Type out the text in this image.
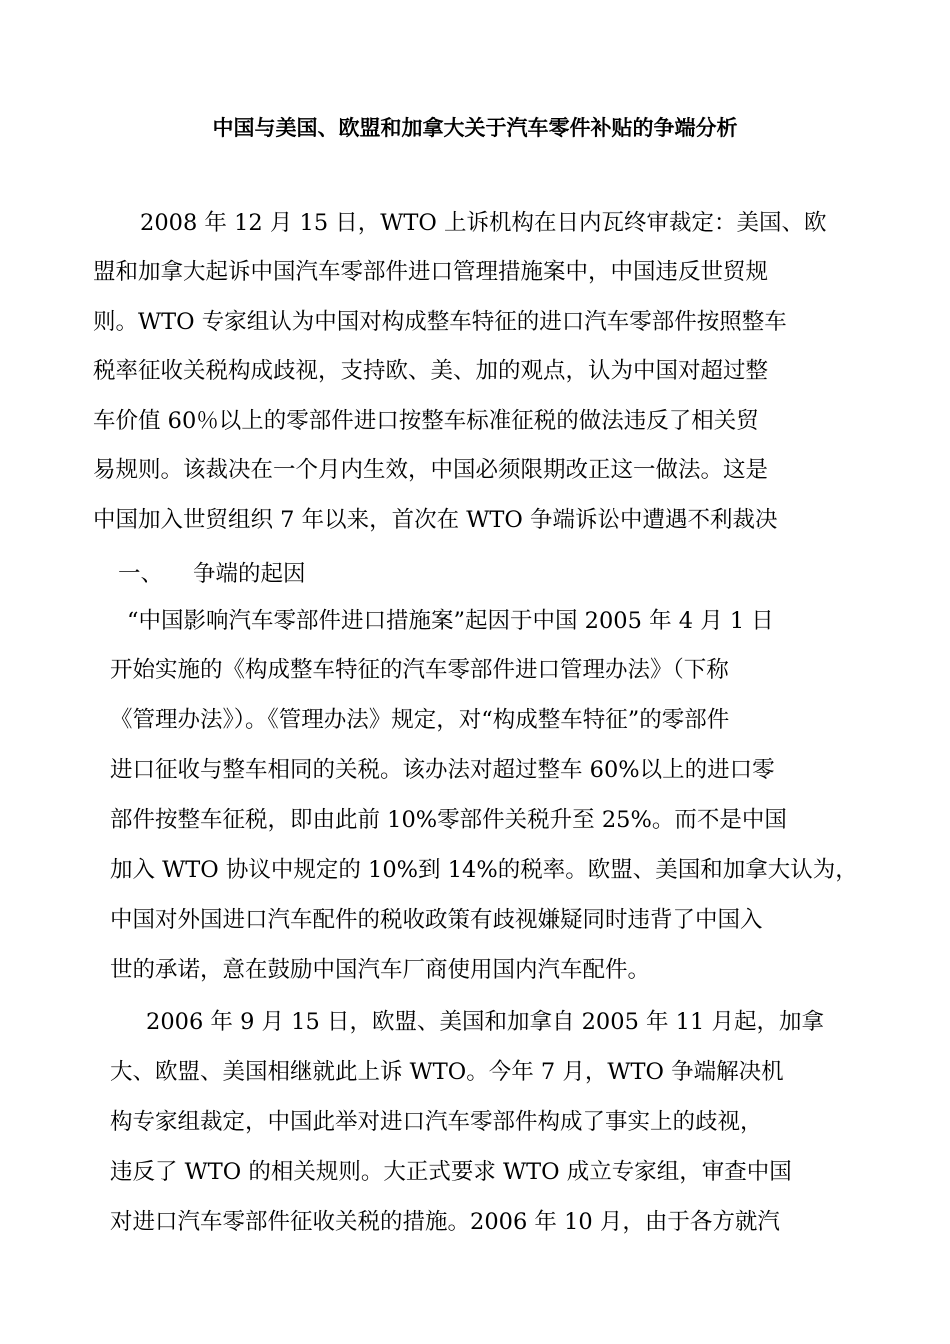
中国与美国、欧盟和加拿大关于汽车零件补贴的争端分析
2008 年 12 月 15 日，WTO 上诉机构在日内瓦终审裁定：美国、欧
盟和加拿大起诉中国汽车零部件进口管理措施案中，中国违反世贸规
则。WTO 专家组认为中国对构成整车特征的进口汽车零部件按照整车
税率征收关税构成歧视，支持欧、美、加的观点，认为中国对超过整
车价值 60％以上的零部件进口按整车标准征税的做法违反了相关贸
易规则。该裁决在一个月内生效，中国必须限期改正这一做法。这是
中国加入世贸组织 7 年以来，首次在 WTO 争端诉讼中遭遇不利裁决
一、 争端的起因
“中国影响汽车零部件进口措施案”起因于中国 2005 年 4 月 1 日
开始实施的《构成整车特征的汽车零部件进口管理办法》（下称
《管理办法》）。《管理办法》规定，对“构成整车特征”的零部件
进口征收与整车相同的关税。该办法对超过整车 60%以上的进口零
部件按整车征税，即由此前 10%零部件关税升至 25%。而不是中国
加入 WTO 协议中规定的 10%到 14%的税率。欧盟、美国和加拿大认为，
中国对外国进口汽车配件的税收政策有歧视嫌疑同时违背了中国入
世的承诺，意在鼓励中国汽车厂商使用国内汽车配件。
2006 年 9 月 15 日，欧盟、美国和加拿自 2005 年 11 月起，加拿
大、欧盟、美国相继就此上诉 WTO。今年 7 月，WTO 争端解决机
构专家组裁定，中国此举对进口汽车零部件构成了事实上的歧视，
违反了 WTO 的相关规则。大正式要求 WTO 成立专家组，审查中国
对进口汽车零部件征收关税的措施。2006 年 10 月，由于各方就汽
